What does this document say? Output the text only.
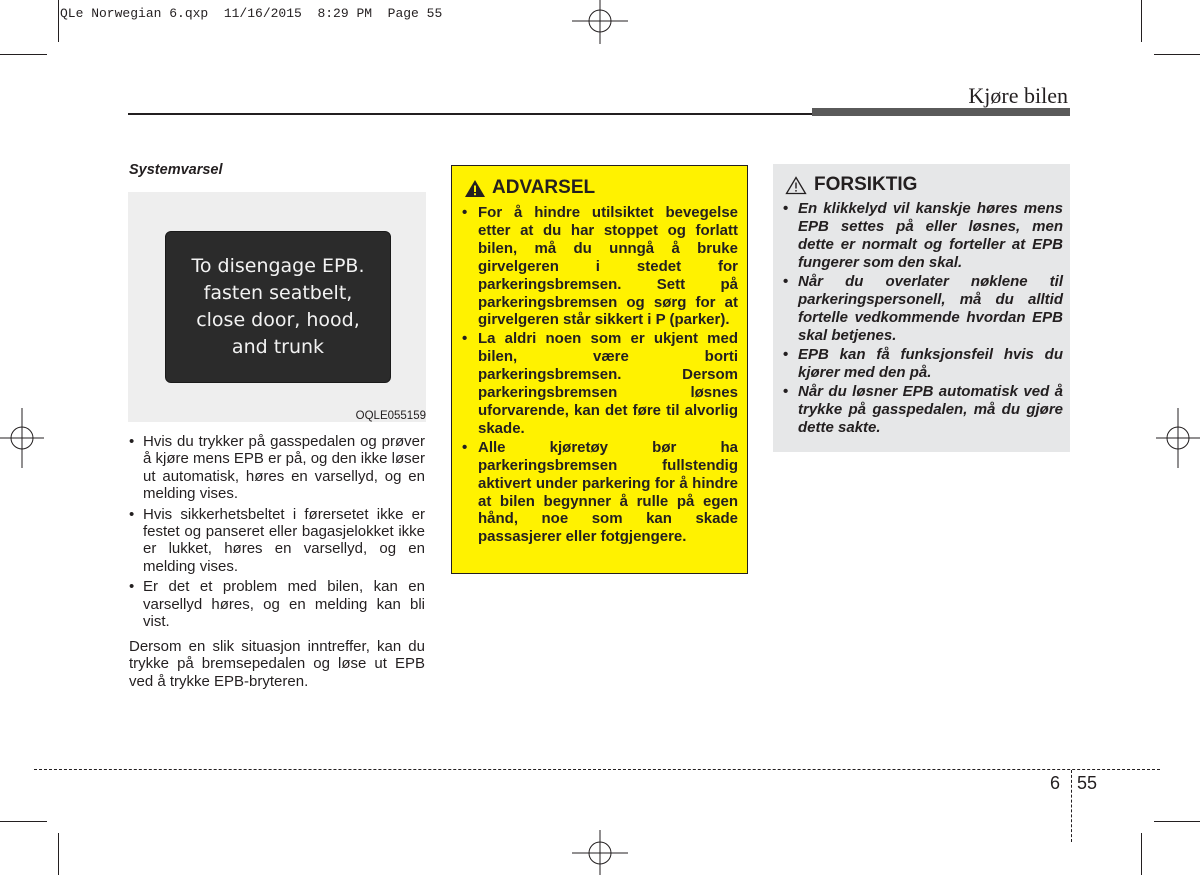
QLe Norwegian 6.qxp  11/16/2015  8:29 PM  Page 55
Kjøre bilen
Systemvarsel
To disengage EPB.
fasten seatbelt,
close door, hood,
and trunk
OQLE055159
• Hvis du trykker på gasspedalen og prøver å kjøre mens EPB er på, og den ikke løser ut automatisk, høres en varsellyd, og en melding vises.
• Hvis sikkerhetsbeltet i førersetet ikke er festet og panseret eller bagasjelokket ikke er lukket, høres en varsellyd, og en melding vises.
• Er det et problem med bilen, kan en varsellyd høres, og en melding kan bli vist.

Dersom en slik situasjon inntreffer, kan du trykke på bremsepedalen og løse ut EPB ved å trykke EPB-bryteren.

ADVARSEL
• For å hindre utilsiktet bevegelse etter at du har stoppet og forlatt bilen, må du unngå å bruke girvelgeren i stedet for parkeringsbremsen. Sett på parkeringsbremsen og sørg for at girvelgeren står sikkert i P (parker).
• La aldri noen som er ukjent med bilen, være borti parkeringsbremsen. Dersom parkeringsbremsen løsnes uforvarende, kan det føre til alvorlig skade.
• Alle kjøretøy bør ha parkeringsbremsen fullstendig aktivert under parkering for å hindre at bilen begynner å rulle på egen hånd, noe som kan skade passasjerer eller fotgjengere.
FORSIKTIG
• En klikkelyd vil kanskje høres mens EPB settes på eller løsnes, men dette er normalt og forteller at EPB fungerer som den skal.
• Når du overlater nøklene til parkeringspersonell, må du alltid fortelle vedkommende hvordan EPB skal betjenes.
• EPB kan få funksjonsfeil hvis du kjører med den på.
• Når du løsner EPB automatisk ved å trykke på gasspedalen, må du gjøre dette sakte.
6 55
